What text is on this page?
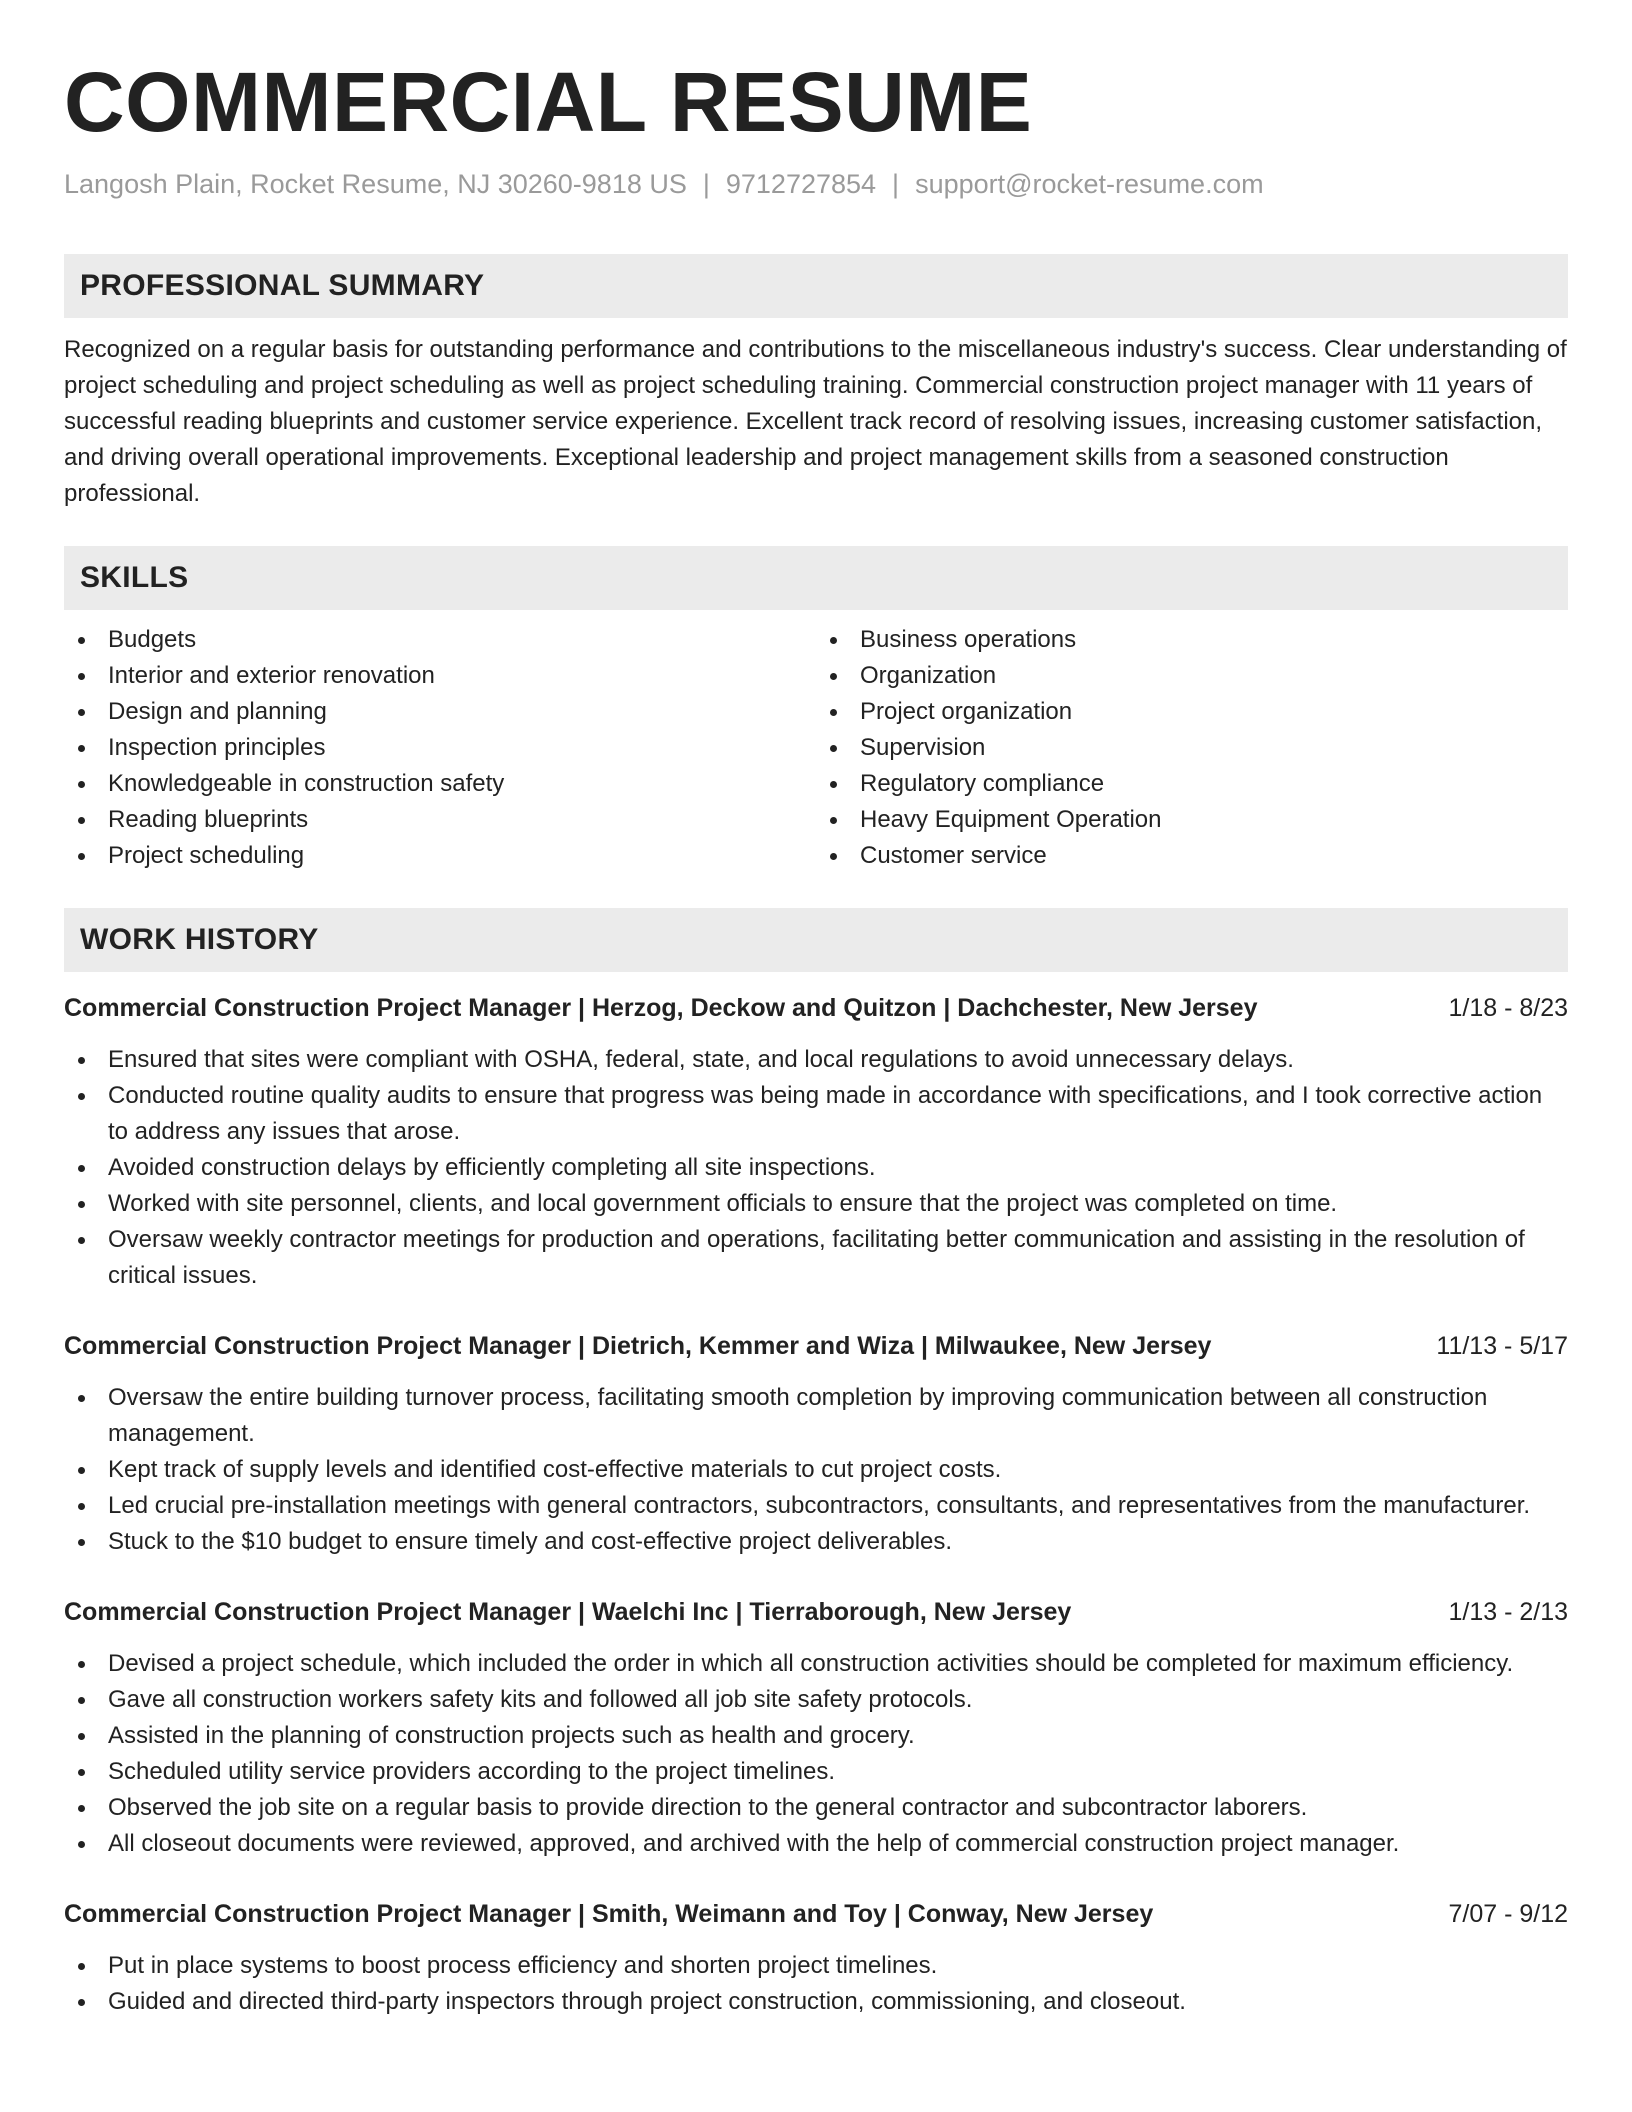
COMMERCIAL RESUME
Langosh Plain, Rocket Resume, NJ 30260-9818 US | 9712727854 | support@rocket-resume.com
PROFESSIONAL SUMMARY

Recognized on a regular basis for outstanding performance and contributions to the miscellaneous industry's success. Clear understanding of project scheduling and project scheduling as well as project scheduling training. Commercial construction project manager with 11 years of successful reading blueprints and customer service experience. Excellent track record of resolving issues, increasing customer satisfaction, and driving overall operational improvements. Exceptional leadership and project management skills from a seasoned construction professional.

SKILLS
Budgets
Interior and exterior renovation
Design and planning
Inspection principles
Knowledgeable in construction safety
Reading blueprints
Project scheduling
Business operations
Organization
Project organization
Supervision
Regulatory compliance
Heavy Equipment Operation
Customer service
WORK HISTORY
Commercial Construction Project Manager | Herzog, Deckow and Quitzon | Dachchester, New Jersey	1/18 - 8/23
Ensured that sites were compliant with OSHA, federal, state, and local regulations to avoid unnecessary delays.
Conducted routine quality audits to ensure that progress was being made in accordance with specifications, and I took corrective action to address any issues that arose.
Avoided construction delays by efficiently completing all site inspections.
Worked with site personnel, clients, and local government officials to ensure that the project was completed on time.
Oversaw weekly contractor meetings for production and operations, facilitating better communication and assisting in the resolution of critical issues.
Commercial Construction Project Manager | Dietrich, Kemmer and Wiza | Milwaukee, New Jersey	11/13 - 5/17
Oversaw the entire building turnover process, facilitating smooth completion by improving communication between all construction management.
Kept track of supply levels and identified cost-effective materials to cut project costs.
Led crucial pre-installation meetings with general contractors, subcontractors, consultants, and representatives from the manufacturer.
Stuck to the $10 budget to ensure timely and cost-effective project deliverables.
Commercial Construction Project Manager | Waelchi Inc | Tierraborough, New Jersey	1/13 - 2/13
Devised a project schedule, which included the order in which all construction activities should be completed for maximum efficiency.
Gave all construction workers safety kits and followed all job site safety protocols.
Assisted in the planning of construction projects such as health and grocery.
Scheduled utility service providers according to the project timelines.
Observed the job site on a regular basis to provide direction to the general contractor and subcontractor laborers.
All closeout documents were reviewed, approved, and archived with the help of commercial construction project manager.
Commercial Construction Project Manager | Smith, Weimann and Toy | Conway, New Jersey	7/07 - 9/12
Put in place systems to boost process efficiency and shorten project timelines.
Guided and directed third-party inspectors through project construction, commissioning, and closeout.
